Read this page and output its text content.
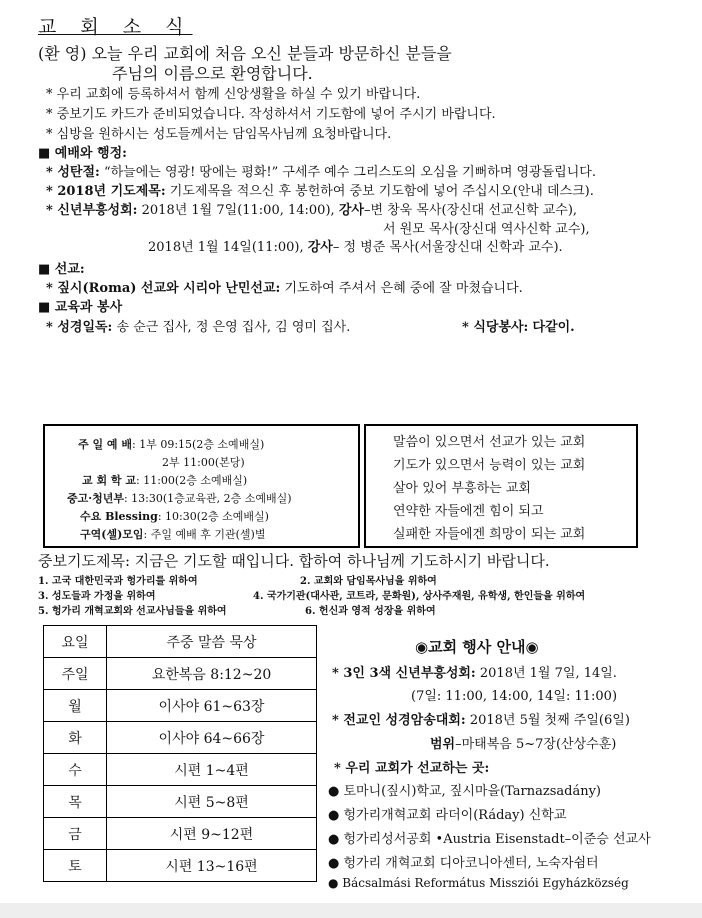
교 회 소 식
(환 영) 오늘 우리 교회에 처음 오신 분들과 방문하신 분들을
주님의 이름으로 환영합니다.
* 우리 교회에 등록하셔서 함께 신앙생활을 하실 수 있기 바랍니다.
* 중보기도 카드가 준비되었습니다. 작성하셔서 기도함에 넣어 주시기 바랍니다.
* 심방을 원하시는 성도들께서는 담임목사님께 요청바랍니다.
■ 예배와 행정:
* 성탄절: “하늘에는 영광! 땅에는 평화!” 구세주 예수 그리스도의 오심을 기뻐하며 영광돌립니다.
* 2018년 기도제목: 기도제목을 적으신 후 봉헌하여 중보 기도함에 넣어 주십시오(안내 데스크).
* 신년부흥성회: 2018년 1월 7일(11:00, 14:00), 강사–변 창욱 목사(장신대 선교신학 교수),
서 원모 목사(장신대 역사신학 교수),
2018년 1월 14일(11:00), 강사– 정 병준 목사(서울장신대 신학과 교수).
■ 선교:
* 짚시(Roma) 선교와 시리아 난민선교: 기도하여 주셔서 은혜 중에 잘 마쳤습니다.
■ 교육과 봉사
* 성경일독: 송 순근 집사, 정 은영 집사, 김 영미 집사.	* 식당봉사: 다같이.
주 일 예 배: 1부 09:15(2층 소예배실)
2부 11:00(본당)
교 회 학 교: 11:00(2층 소예배실)
중고·청년부: 13:30(1층교육관, 2층 소예배실)
수요 Blessing: 10:30(2층 소예배실)
구역(셀)모임: 주일 예배 후 기관(셀)별
말씀이 있으면서 선교가 있는 교회
기도가 있으면서 능력이 있는 교회
살아 있어 부흥하는 교회
연약한 자들에겐 힘이 되고
실패한 자들에겐 희망이 되는 교회
중보기도제목: 지금은 기도할 때입니다. 합하여 하나님께 기도하시기 바랍니다.
1. 고국 대한민국과 헝가리를 위하여	2. 교회와 담임목사님을 위하여
3. 성도들과 가정을 위하여	4. 국가기관(대사관, 코트라, 문화원), 상사주재원, 유학생, 한인들을 위하여
5. 헝가리 개혁교회와 선교사님들을 위하여	6. 헌신과 영적 성장을 위하여
요일	주중 말씀 묵상
주일	요한복음 8:12~20
월	이사야 61~63장
화	이사야 64~66장
수	시편 1~4편
목	시편 5~8편
금	시편 9~12편
토	시편 13~16편
◉교회 행사 안내◉
* 3인 3색 신년부흥성회: 2018년 1월 7일, 14일.
(7일: 11:00, 14:00, 14일: 11:00)
* 전교인 성경암송대회: 2018년 5월 첫째 주일(6일)
범위–마태복음 5~7장(산상수훈)
* 우리 교회가 선교하는 곳:
● 토마니(짚시)학교, 짚시마을(Tarnazsadány)
● 헝가리개혁교회 라더이(Ráday) 신학교
● 헝가리성서공회 •Austria Eisenstadt–이준승 선교사
● 헝가리 개혁교회 디아코니아센터, 노숙자쉼터
● Bácsalmási Református Missziói Egyházközség
